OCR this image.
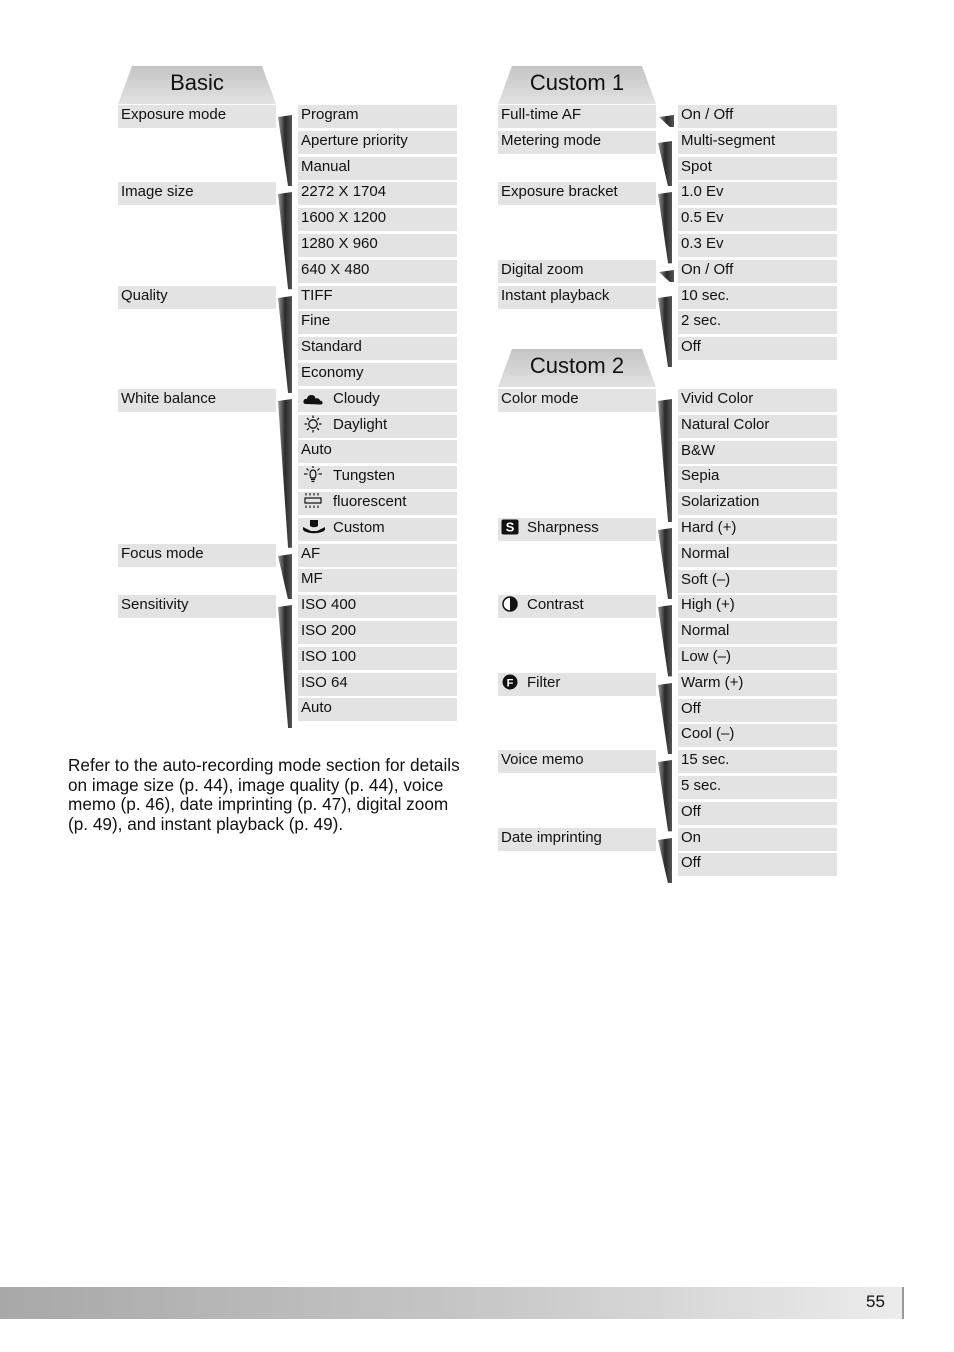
Basic
Exposure mode	Program
Aperture priority
Manual
Image size	2272 X 1704
1600 X 1200
1280 X 960
640 X 480
Quality	TIFF
Fine
Standard
Economy
White balance	Cloudy
Daylight
Auto
Tungsten
fluorescent
Custom
Focus mode	AF
MF
Sensitivity	ISO 400
ISO 200
ISO 100
ISO 64
Auto
Custom 1
Full-time AF	On / Off
Metering mode	Multi-segment
Spot
Exposure bracket	1.0 Ev
0.5 Ev
0.3 Ev
Digital zoom	On / Off
Instant playback	10 sec.
2 sec.
Off
Custom 2
Color mode	Vivid Color
Natural Color
B&W
Sepia
Solarization
S Sharpness	Hard (+)
Normal
Soft (–)
Contrast	High (+)
Normal
Low (–)
F Filter	Warm (+)
Off
Cool (–)
Voice memo	15 sec.
5 sec.
Off
Date imprinting	On
Off

Refer to the auto-recording mode section for details on image size (p. 44), image quality (p. 44), voice memo (p. 46), date imprinting (p. 47), digital zoom (p. 49), and instant playback (p. 49).

55
